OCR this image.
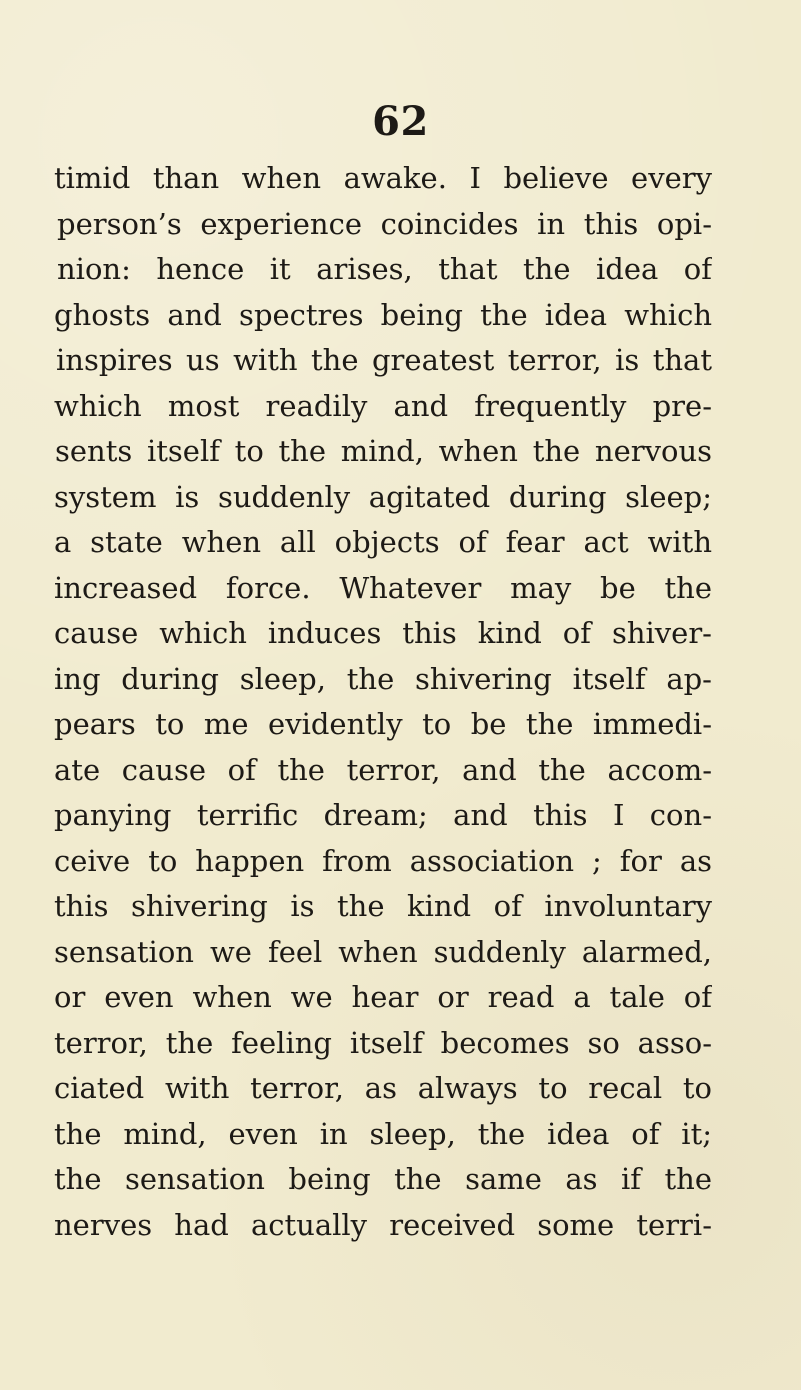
62
timid than when awake. I believe every
person’s experience coincides in this opi-
nion: hence it arises, that the idea of
ghosts and spectres being the idea which
inspires us with the greatest terror, is that
which most readily and frequently pre-
sents itself to the mind, when the nervous
system is suddenly agitated during sleep;
a state when all objects of fear act with
increased force. Whatever may be the
cause which induces this kind of shiver-
ing during sleep, the shivering itself ap-
pears to me evidently to be the immedi-
ate cause of the terror, and the accom-
panying terrific dream; and this I con-
ceive to happen from association ; for as
this shivering is the kind of involuntary
sensation we feel when suddenly alarmed,
or even when we hear or read a tale of
terror, the feeling itself becomes so asso-
ciated with terror, as always to recal to
the mind, even in sleep, the idea of it;
the sensation being the same as if the
nerves had actually received some terri-
